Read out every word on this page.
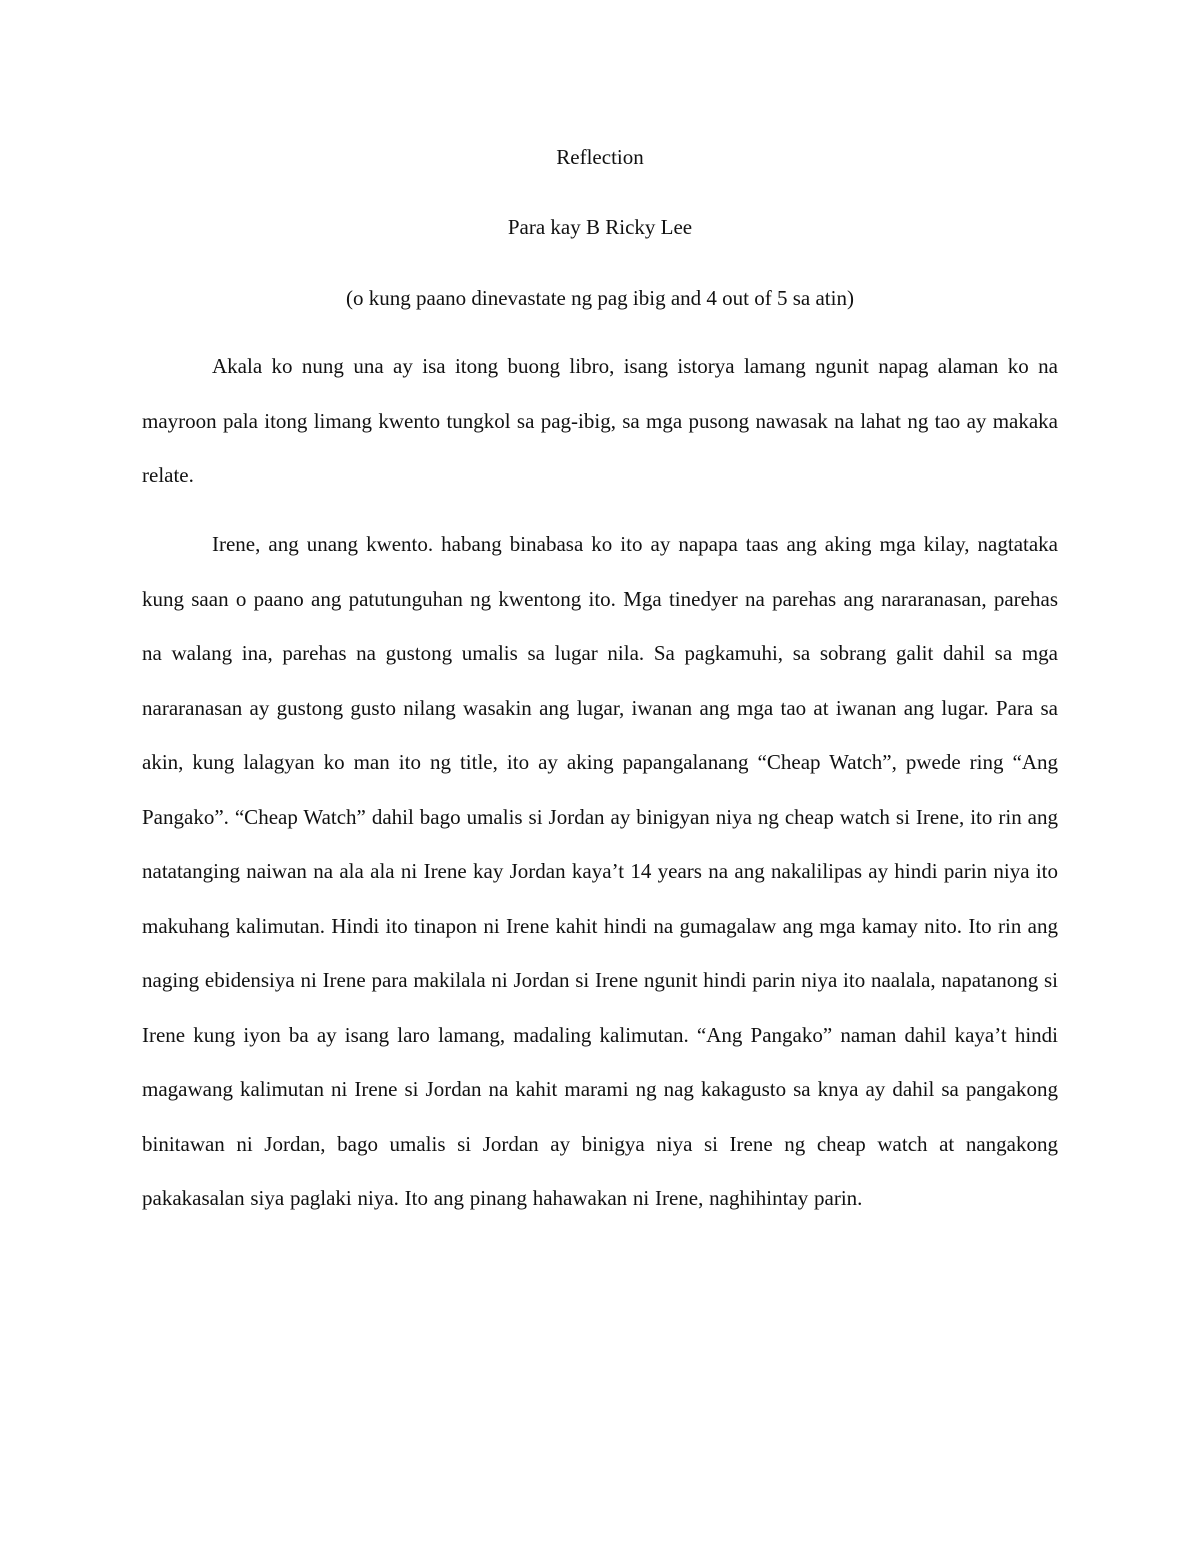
Reflection
Para kay B Ricky Lee

(o kung paano dinevastate ng pag ibig and 4 out of 5 sa atin)

Akala ko nung una ay isa itong buong libro, isang istorya lamang ngunit napag alaman ko na mayroon pala itong limang kwento tungkol sa pag-ibig, sa mga pusong nawasak na lahat ng tao ay makaka relate.

Irene, ang unang kwento. habang binabasa ko ito ay napapa taas ang aking mga kilay, nagtataka kung saan o paano ang patutunguhan ng kwentong ito. Mga tinedyer na parehas ang nararanasan, parehas na walang ina, parehas na gustong umalis sa lugar nila. Sa pagkamuhi, sa sobrang galit dahil sa mga nararanasan ay gustong gusto nilang wasakin ang lugar, iwanan ang mga tao at iwanan ang lugar. Para sa akin, kung lalagyan ko man ito ng title, ito ay aking papangalanang “Cheap Watch”, pwede ring “Ang Pangako”. “Cheap Watch” dahil bago umalis si Jordan ay binigyan niya ng cheap watch si Irene, ito rin ang natatanging naiwan na ala ala ni Irene kay Jordan kaya’t 14 years na ang nakalilipas ay hindi parin niya ito makuhang kalimutan. Hindi ito tinapon ni Irene kahit hindi na gumagalaw ang mga kamay nito. Ito rin ang naging ebidensiya ni Irene para makilala ni Jordan si Irene ngunit hindi parin niya ito naalala, napatanong si Irene kung iyon ba ay isang laro lamang, madaling kalimutan. “Ang Pangako” naman dahil kaya’t hindi magawang kalimutan ni Irene si Jordan na kahit marami ng nag kakagusto sa knya ay dahil sa pangakong binitawan ni Jordan, bago umalis si Jordan ay binigya niya si Irene ng cheap watch at nangakong pakakasalan siya paglaki niya. Ito ang pinang hahawakan ni Irene, naghihintay parin.
